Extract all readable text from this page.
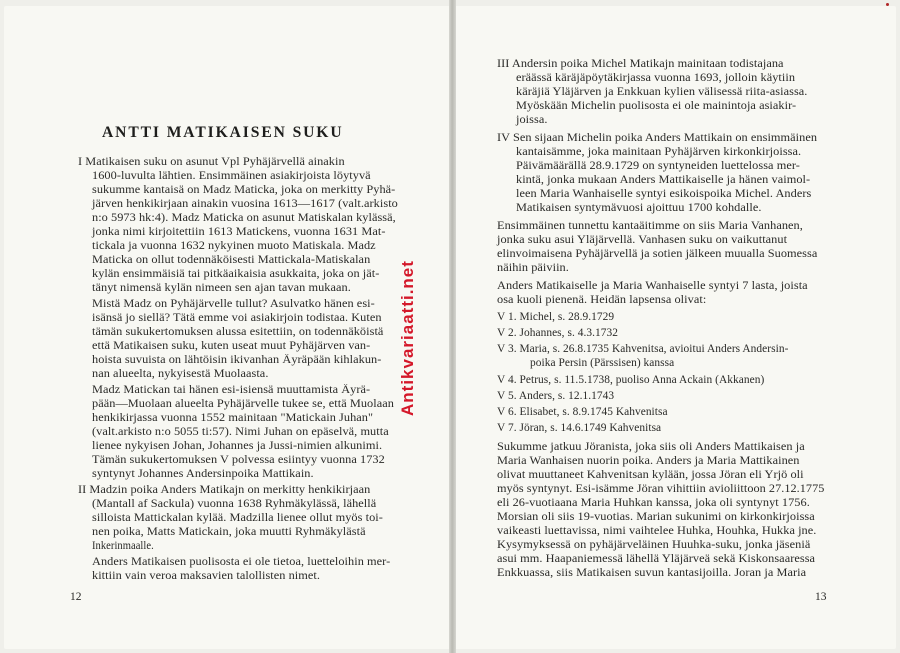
ANTTI MATIKAISEN SUKU
I Matikaisen suku on asunut Vpl Pyhäjärvellä ainakin
1600-luvulta lähtien. Ensimmäinen asiakirjoista löytyvä
sukumme kantaisä on Madz Maticka, joka on merkitty Pyhä-
järven henkikirjaan ainakin vuosina 1613—1617 (valt.arkisto
n:o 5973 hk:4). Madz Maticka on asunut Matiskalan kylässä,
jonka nimi kirjoitettiin 1613 Matickens, vuonna 1631 Mat-
tickala ja vuonna 1632 nykyinen muoto Matiskala. Madz
Maticka on ollut todennäköisesti Mattickala-Matiskalan
kylän ensimmäisiä tai pitkäaikaisia asukkaita, joka on jät-
tänyt nimensä kylän nimeen sen ajan tavan mukaan.
Mistä Madz on Pyhäjärvelle tullut? Asulvatko hänen esi-
isänsä jo siellä? Tätä emme voi asiakirjoin todistaa. Kuten
tämän sukukertomuksen alussa esitettiin, on todennäköistä
että Matikaisen suku, kuten useat muut Pyhäjärven van-
hoista suvuista on lähtöisin ikivanhan Äyräpään kihlakun-
nan alueelta, nykyisestä Muolaasta.
Madz Matickan tai hänen esi-isiensä muuttamista Äyrä-
pään—Muolaan alueelta Pyhäjärvelle tukee se, että Muolaan
henkikirjassa vuonna 1552 mainitaan "Matickain Juhan"
(valt.arkisto n:o 5055 ti:57). Nimi Juhan on epäselvä, mutta
lienee nykyisen Johan, Johannes ja Jussi-nimien alkunimi.
Tämän sukukertomuksen V polvessa esiintyy vuonna 1732
syntynyt Johannes Andersinpoika Mattikain.
II Madzin poika Anders Matikajn on merkitty henkikirjaan
(Mantall af Sackula) vuonna 1638 Ryhmäkylässä, lähellä
silloista Mattickalan kylää. Madzilla lienee ollut myös toi-
nen poika, Matts Matickain, joka muutti Ryhmäkylästä
Inkerinmaalle.
Anders Matikaisen puolisosta ei ole tietoa, luetteloihin mer-
kittiin vain veroa maksavien talollisten nimet.
III Andersin poika Michel Matikajn mainitaan todistajana
eräässä käräjäpöytäkirjassa vuonna 1693, jolloin käytiin
käräjiä Yläjärven ja Enkkuan kylien välisessä riita-asiassa.
Myöskään Michelin puolisosta ei ole mainintoja asiakir-
joissa.
IV Sen sijaan Michelin poika Anders Mattikain on ensimmäinen
kantaisämme, joka mainitaan Pyhäjärven kirkonkirjoissa.
Päivämäärällä 28.9.1729 on syntyneiden luettelossa mer-
kintä, jonka mukaan Anders Mattikaiselle ja hänen vaimol-
leen Maria Wanhaiselle syntyi esikoispoika Michel. Anders
Matikaisen syntymävuosi ajoittuu 1700 kohdalle.
Ensimmäinen tunnettu kantaäitimme on siis Maria Vanhanen,
jonka suku asui Yläjärvellä. Vanhasen suku on vaikuttanut
elinvoimaisena Pyhäjärvellä ja sotien jälkeen muualla Suomessa
näihin päiviin.
Anders Matikaiselle ja Maria Wanhaiselle syntyi 7 lasta, joista
osa kuoli pienenä. Heidän lapsensa olivat:
V 1. Michel, s. 28.9.1729
V 2. Johannes, s. 4.3.1732
V 3. Maria, s. 26.8.1735 Kahvenitsa, avioitui Anders Andersin-
poika Persin (Pärssisen) kanssa
V 4. Petrus, s. 11.5.1738, puoliso Anna Ackain (Akkanen)
V 5. Anders, s. 12.1.1743
V 6. Elisabet, s. 8.9.1745 Kahvenitsa
V 7. Jöran, s. 14.6.1749 Kahvenitsa
Sukumme jatkuu Jöranista, joka siis oli Anders Mattikaisen ja
Maria Wanhaisen nuorin poika. Anders ja Maria Mattikainen
olivat muuttaneet Kahvenitsan kylään, jossa Jöran eli Yrjö oli
myös syntynyt. Esi-isämme Jöran vihittiin avioliittoon 27.12.1775
eli 26-vuotiaana Maria Huhkan kanssa, joka oli syntynyt 1756.
Morsian oli siis 19-vuotias. Marian sukunimi on kirkonkirjoissa
vaikeasti luettavissa, nimi vaihtelee Huhka, Houhka, Hukka jne.
Kysymyksessä on pyhäjärveläinen Huuhka-suku, jonka jäseniä
asui mm. Haapaniemessä lähellä Yläjärveä sekä Kiskonsaaressa
Enkkuassa, siis Matikaisen suvun kantasijoilla. Joran ja Maria
12	13
Antikvariaatti.net
